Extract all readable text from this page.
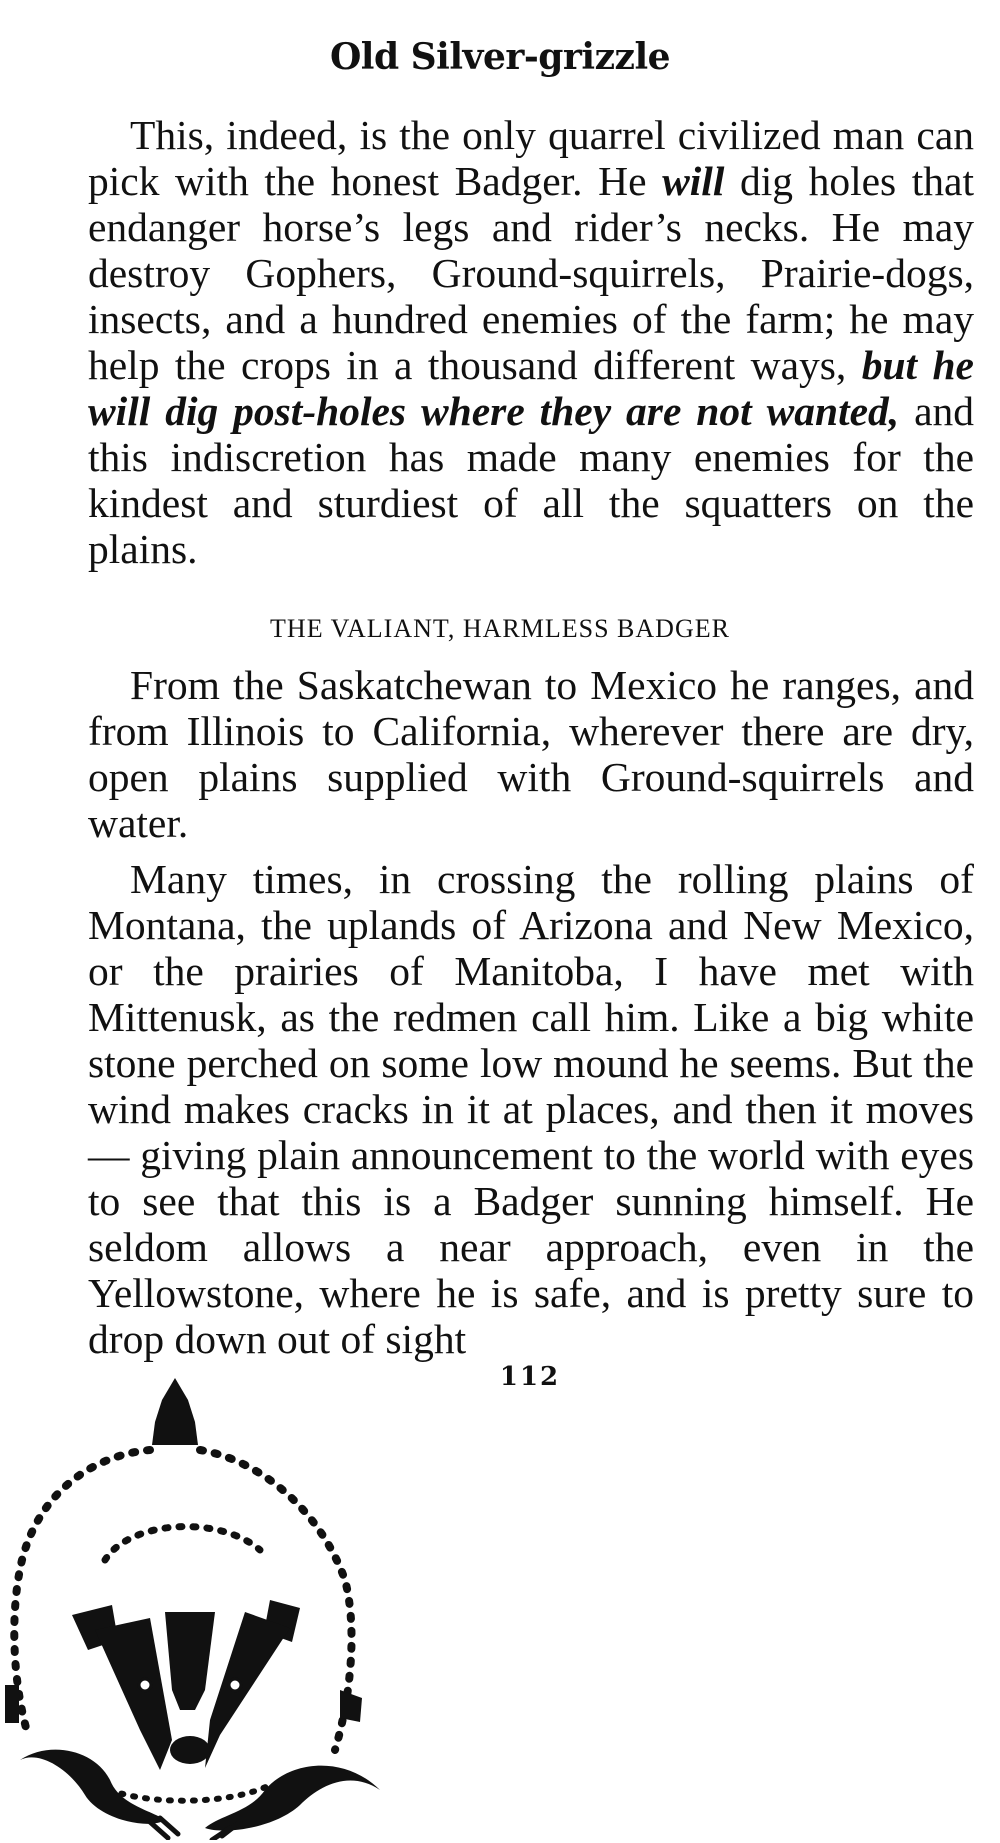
Old Silver-grizzle

This, indeed, is the only quarrel civilized man can pick with the honest Badger. He will dig holes that endanger horse’s legs and rider’s necks. He may destroy Gophers, Ground-squirrels, Prairie-dogs, insects, and a hundred enemies of the farm; he may help the crops in a thousand different ways, but he will dig post-holes where they are not wanted, and this indiscretion has made many enemies for the kindest and sturdiest of all the squatters on the plains.

THE VALIANT, HARMLESS BADGER

From the Saskatchewan to Mexico he ranges, and from Illinois to California, wherever there are dry, open plains supplied with Ground-squirrels and water.

Many times, in crossing the rolling plains of Montana, the uplands of Arizona and New Mexico, or the prairies of Manitoba, I have met with Mittenusk, as the redmen call him. Like a big white stone perched on some low mound he seems. But the wind makes cracks in it at places, and then it moves — giving plain announcement to the world with eyes to see that this is a Badger sunning himself. He seldom allows a near approach, even in the Yellowstone, where he is safe, and is pretty sure to drop down out of sight

112
